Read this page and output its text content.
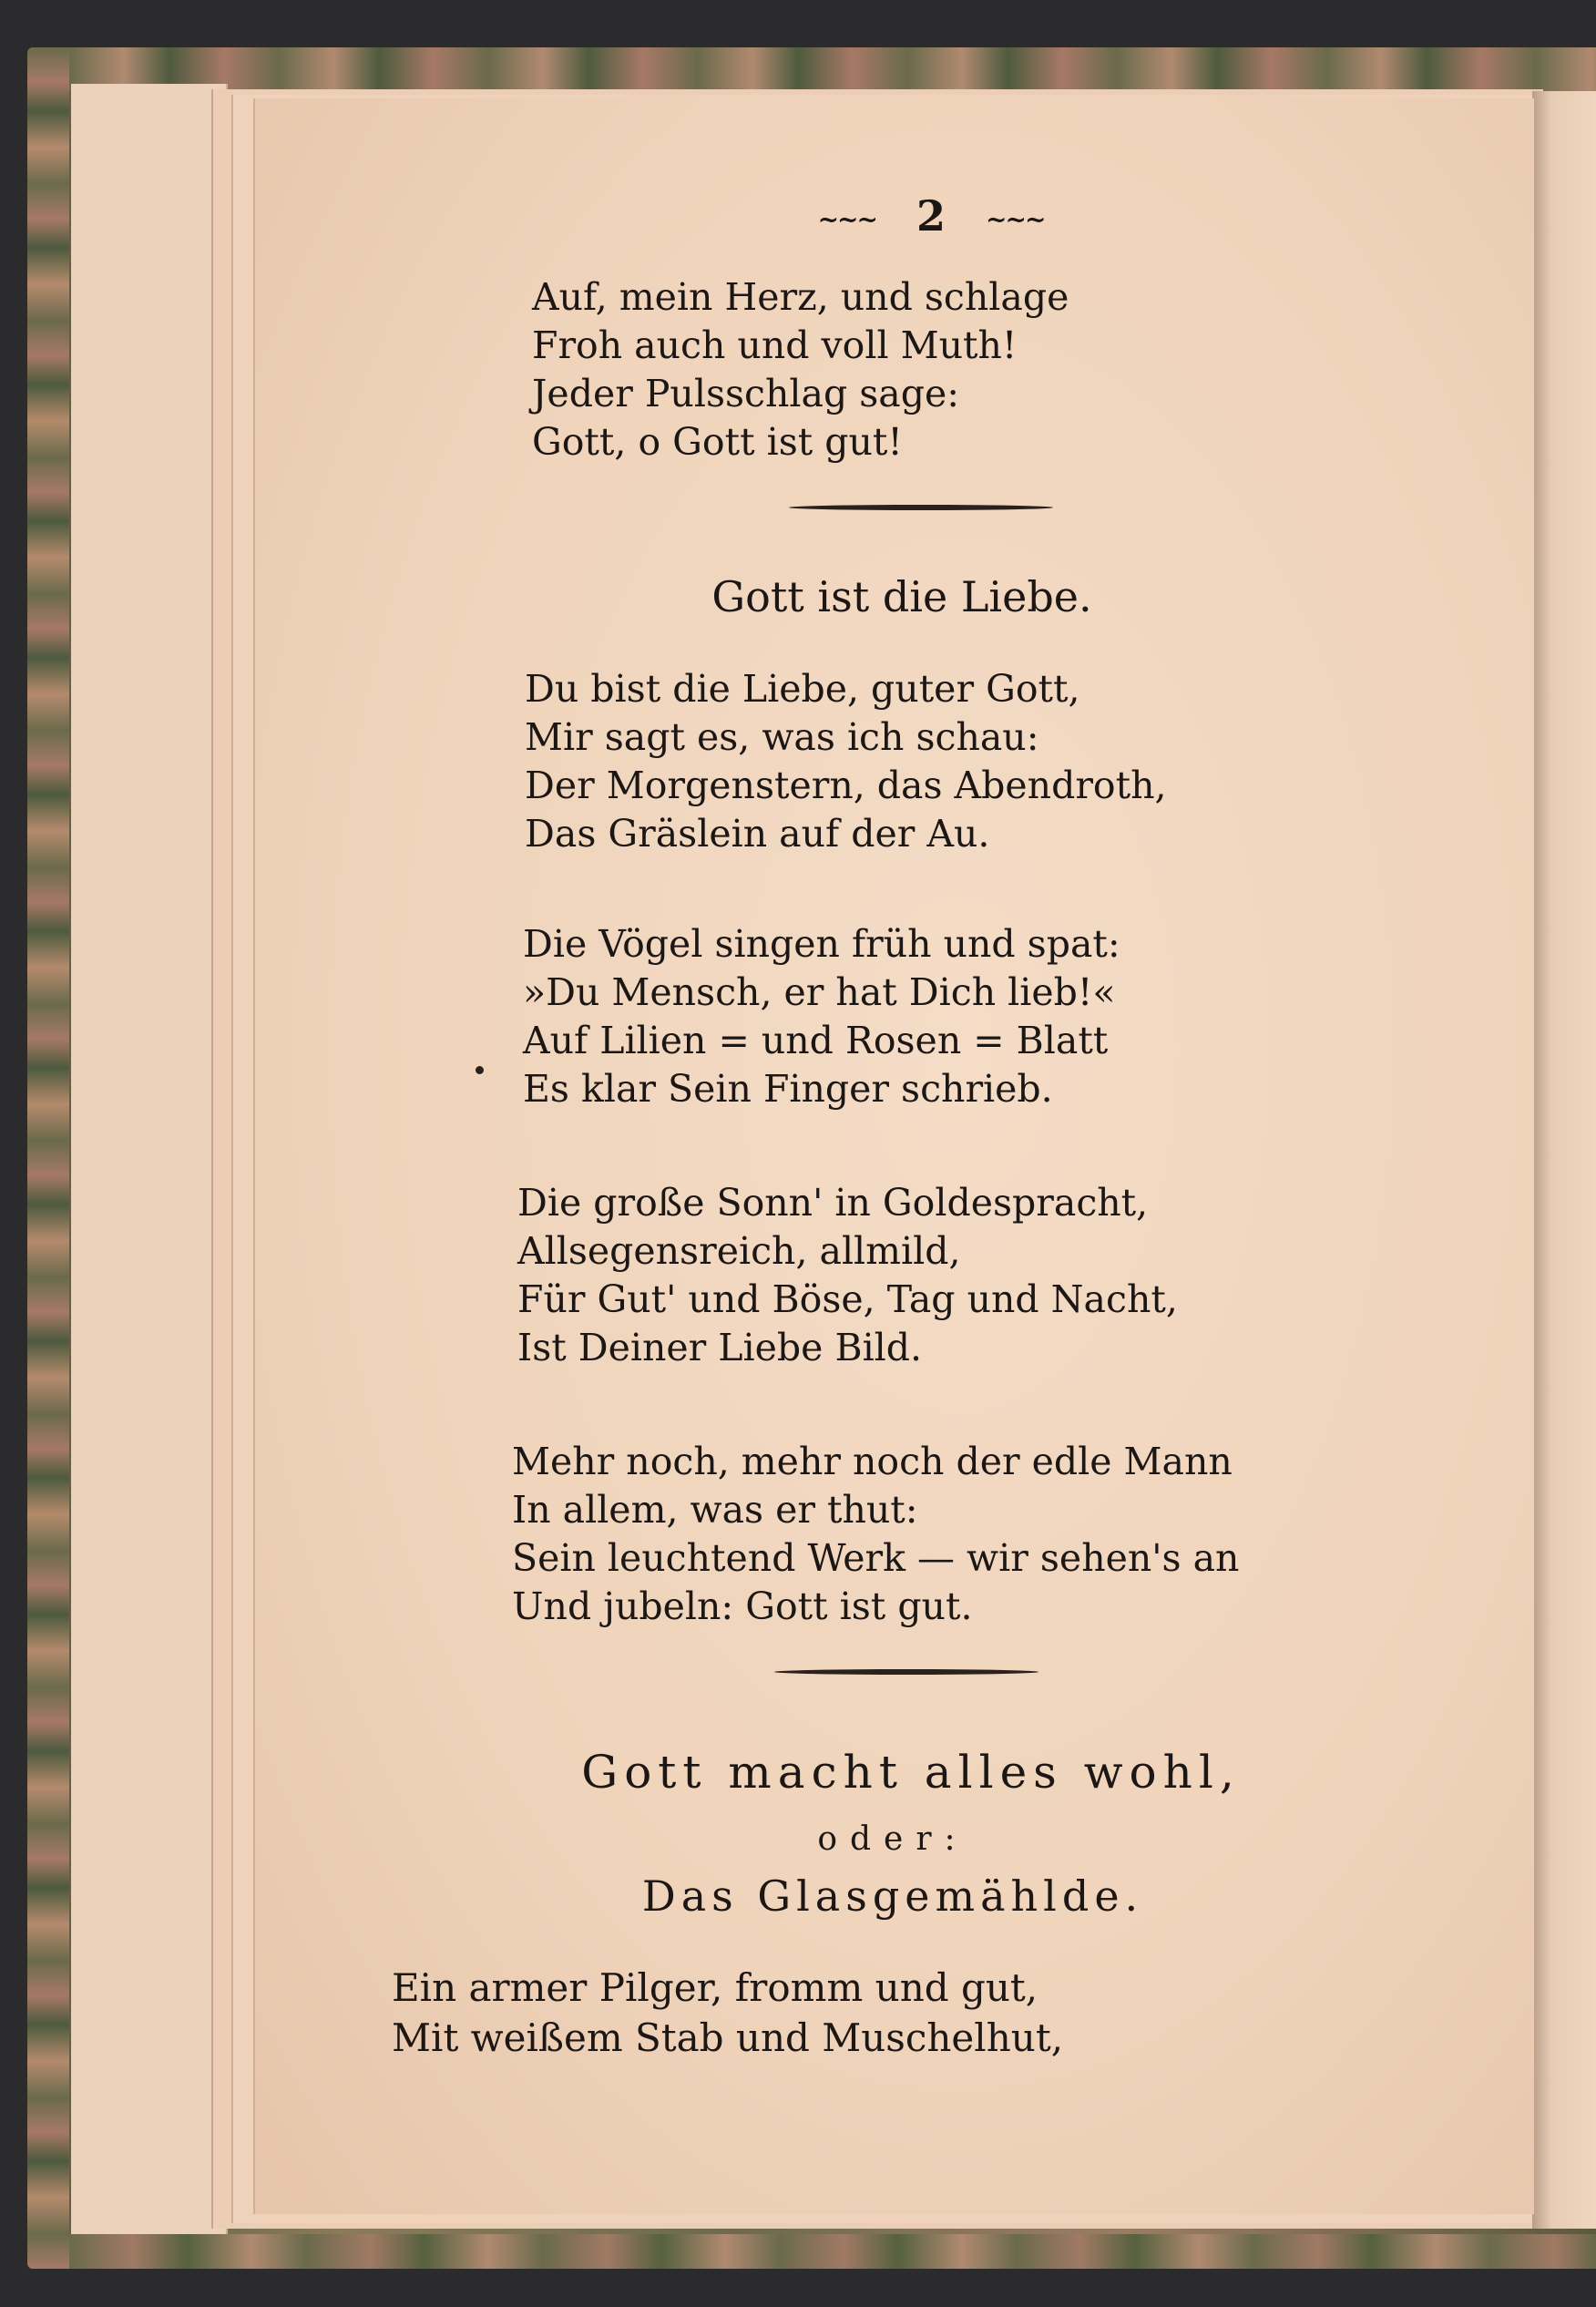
~~~ 2 ~~~
Auf, mein Herz, und schlage
Froh auch und voll Muth!
Jeder Pulsschlag sage:
Gott, o Gott ist gut!
Gott ist die Liebe.
Du bist die Liebe, guter Gott,
Mir sagt es, was ich schau:
Der Morgenstern, das Abendroth,
Das Gräslein auf der Au.
Die Vögel singen früh und spat:
»Du Mensch, er hat Dich lieb!«
Auf Lilien = und Rosen = Blatt
Es klar Sein Finger schrieb.
Die große Sonn' in Goldespracht,
Allsegensreich, allmild,
Für Gut' und Böse, Tag und Nacht,
Ist Deiner Liebe Bild.
Mehr noch, mehr noch der edle Mann
In allem, was er thut:
Sein leuchtend Werk — wir sehen's an
Und jubeln: Gott ist gut.
Gott macht alles wohl,
oder:
Das Glasgemählde.
Ein armer Pilger, fromm und gut,
Mit weißem Stab und Muschelhut,
